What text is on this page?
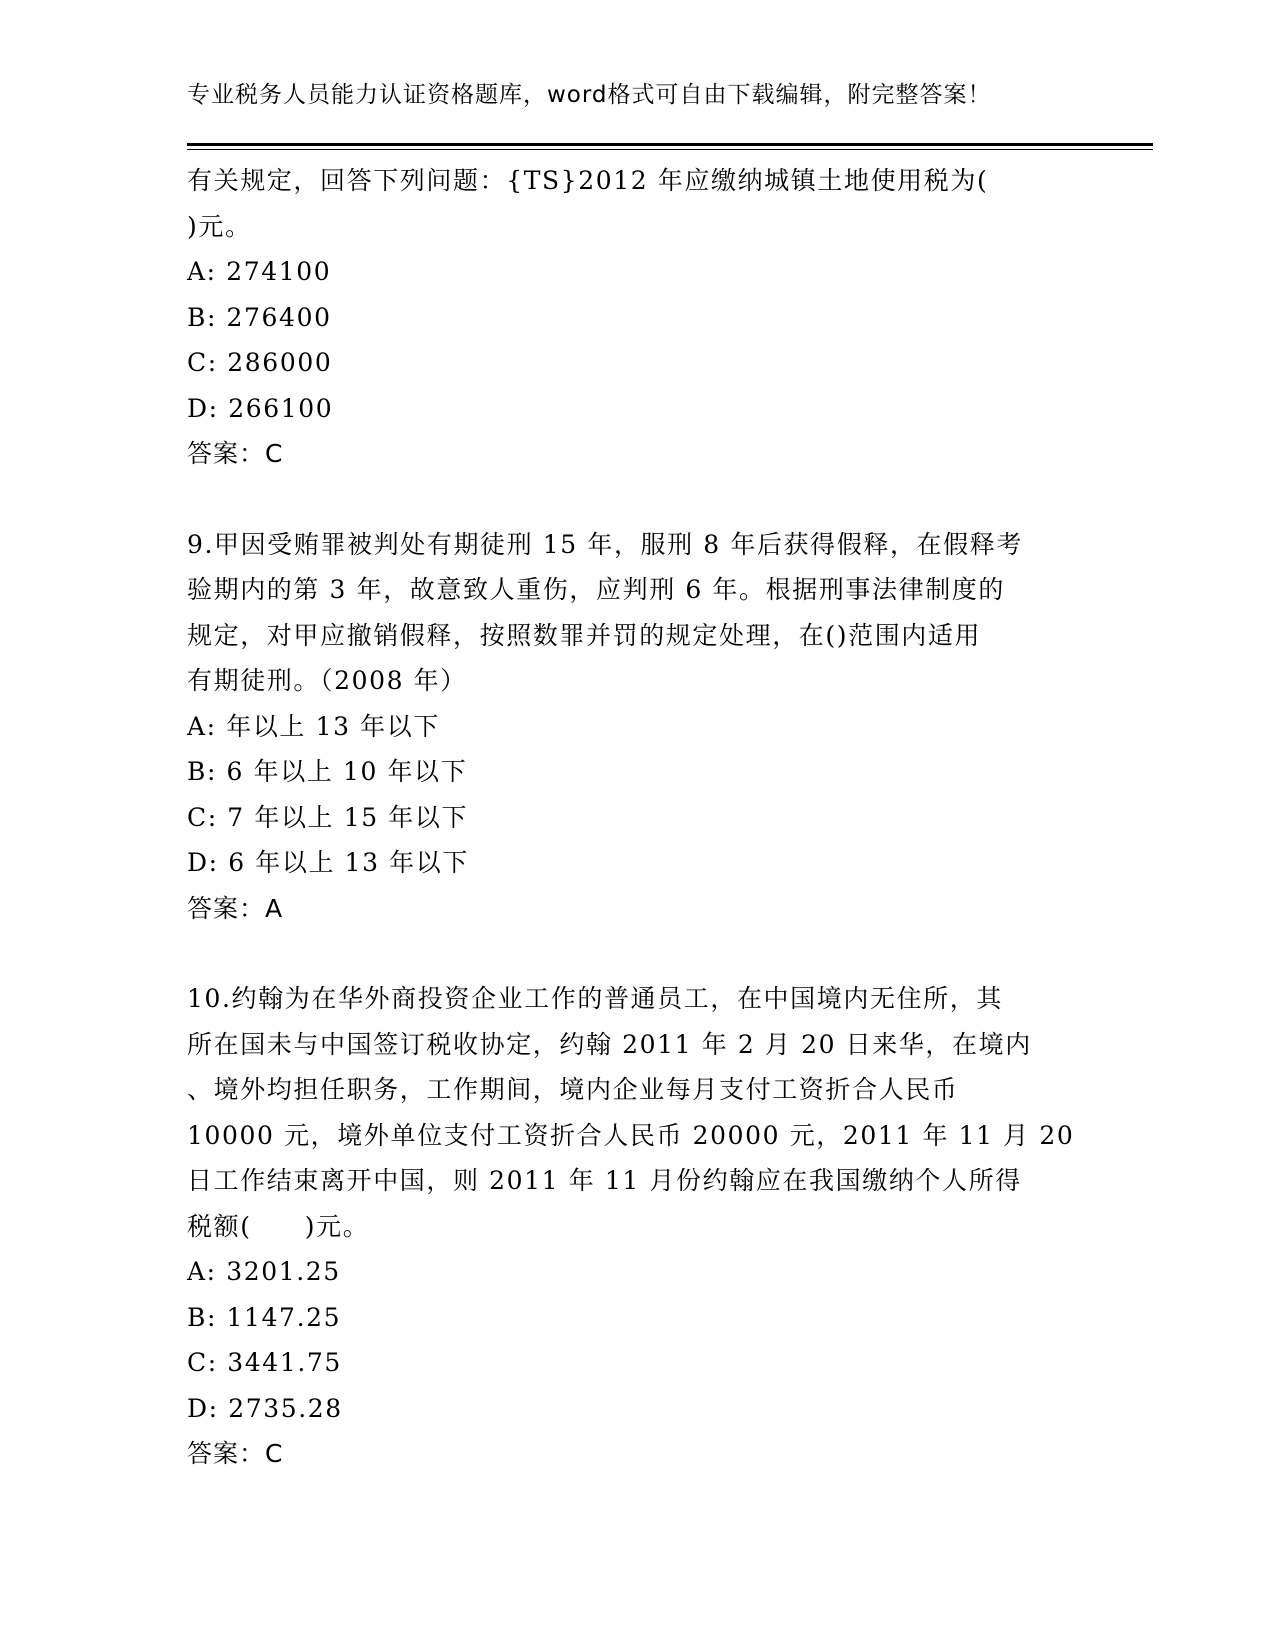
专业税务人员能力认证资格题库，word格式可自由下载编辑，附完整答案！
有关规定，回答下列问题：{TS}2012 年应缴纳城镇土地使用税为(
)元。
A: 274100
B: 276400
C: 286000
D: 266100
答案：C
9.甲因受贿罪被判处有期徒刑 15 年，服刑 8 年后获得假释，在假释考
验期内的第 3 年，故意致人重伤，应判刑 6 年。根据刑事法律制度的
规定，对甲应撤销假释，按照数罪并罚的规定处理，在()范围内适用
有期徒刑。（2008 年）
A: 年以上 13 年以下
B: 6 年以上 10 年以下
C: 7 年以上 15 年以下
D: 6 年以上 13 年以下
答案：A
10.约翰为在华外商投资企业工作的普通员工，在中国境内无住所，其
所在国未与中国签订税收协定，约翰 2011 年 2 月 20 日来华，在境内
、境外均担任职务，工作期间，境内企业每月支付工资折合人民币
10000 元，境外单位支付工资折合人民币 20000 元，2011 年 11 月 20
日工作结束离开中国，则 2011 年 11 月份约翰应在我国缴纳个人所得
税额(　　)元。
A: 3201.25
B: 1147.25
C: 3441.75
D: 2735.28
答案：C
